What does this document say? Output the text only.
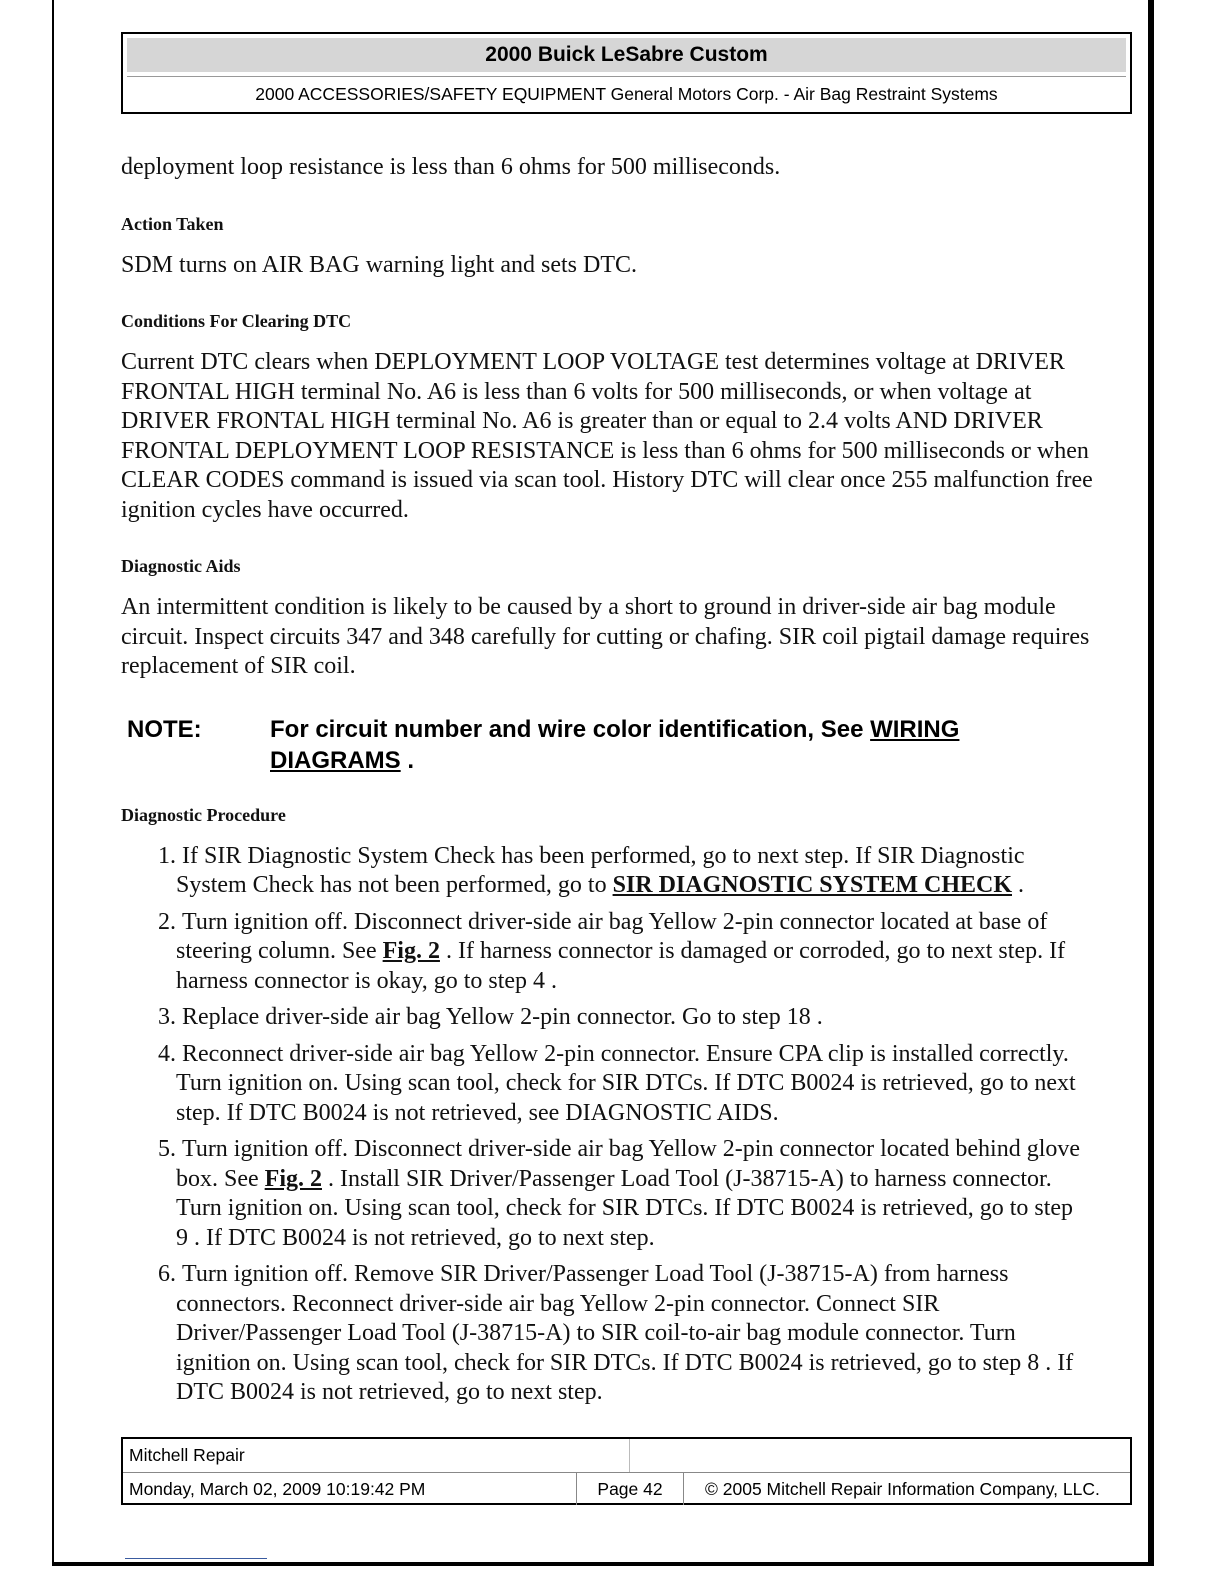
2000 Buick LeSabre Custom
2000 ACCESSORIES/SAFETY EQUIPMENT General Motors Corp. - Air Bag Restraint Systems

deployment loop resistance is less than 6 ohms for 500 milliseconds.

Action Taken

SDM turns on AIR BAG warning light and sets DTC.

Conditions For Clearing DTC

Current DTC clears when DEPLOYMENT LOOP VOLTAGE test determines voltage at DRIVER FRONTAL HIGH terminal No. A6 is less than 6 volts for 500 milliseconds, or when voltage at DRIVER FRONTAL HIGH terminal No. A6 is greater than or equal to 2.4 volts AND DRIVER FRONTAL DEPLOYMENT LOOP RESISTANCE is less than 6 ohms for 500 milliseconds or when CLEAR CODES command is issued via scan tool. History DTC will clear once 255 malfunction free ignition cycles have occurred.

Diagnostic Aids

An intermittent condition is likely to be caused by a short to ground in driver-side air bag module circuit. Inspect circuits 347 and 348 carefully for cutting or chafing. SIR coil pigtail damage requires replacement of SIR coil.

NOTE:	For circuit number and wire color identification, See WIRING DIAGRAMS .
Diagnostic Procedure
1. If SIR Diagnostic System Check has been performed, go to next step. If SIR Diagnostic System Check has not been performed, go to SIR DIAGNOSTIC SYSTEM CHECK .
2. Turn ignition off. Disconnect driver-side air bag Yellow 2-pin connector located at base of steering column. See Fig. 2 . If harness connector is damaged or corroded, go to next step. If harness connector is okay, go to step 4 .
3. Replace driver-side air bag Yellow 2-pin connector. Go to step 18 .
4. Reconnect driver-side air bag Yellow 2-pin connector. Ensure CPA clip is installed correctly. Turn ignition on. Using scan tool, check for SIR DTCs. If DTC B0024 is retrieved, go to next step. If DTC B0024 is not retrieved, see DIAGNOSTIC AIDS.
5. Turn ignition off. Disconnect driver-side air bag Yellow 2-pin connector located behind glove box. See Fig. 2 . Install SIR Driver/Passenger Load Tool (J-38715-A) to harness connector. Turn ignition on. Using scan tool, check for SIR DTCs. If DTC B0024 is retrieved, go to step 9 . If DTC B0024 is not retrieved, go to next step.
6. Turn ignition off. Remove SIR Driver/Passenger Load Tool (J-38715-A) from harness connectors. Reconnect driver-side air bag Yellow 2-pin connector. Connect SIR Driver/Passenger Load Tool (J-38715-A) to SIR coil-to-air bag module connector. Turn ignition on. Using scan tool, check for SIR DTCs. If DTC B0024 is retrieved, go to step 8 . If DTC B0024 is not retrieved, go to next step.
Mitchell Repair
Monday, March 02, 2009 10:19:42 PM	Page 42	© 2005 Mitchell Repair Information Company, LLC.
